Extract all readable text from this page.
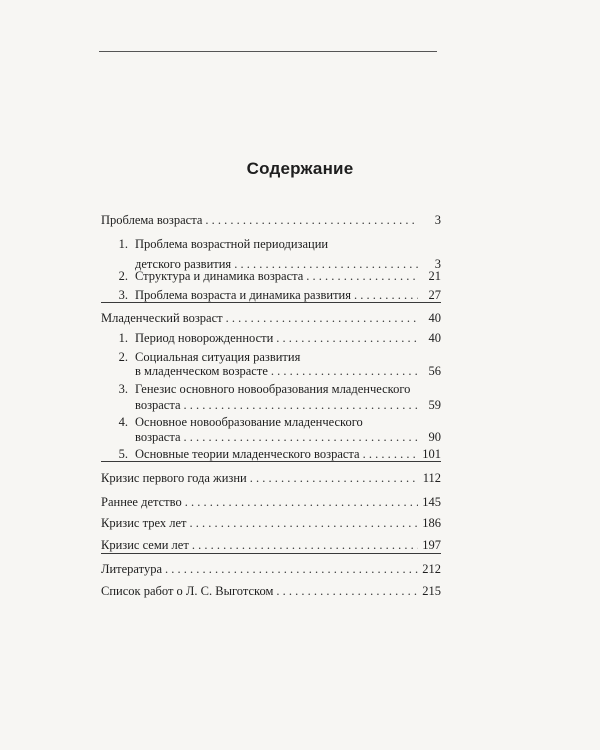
Содержание
Проблема возраста . . .	3
1. Проблема возрастной периодизации
детского развития . . .	3
2. Структура и динамика возраста . . .	21
3. Проблема возраста и динамика развития . . .	27
Младенческий возраст . . .	40
1. Период новорожденности . . .	40
2. Социальная ситуация развития
в младенческом возрасте . . .	56
3. Генезис основного новообразования младенческого
возраста . . .	59
4. Основное новообразование младенческого
возраста . . .	90
5. Основные теории младенческого возраста . . .	101
Кризис первого года жизни . . .	112
Раннее детство . . .	145
Кризис трех лет . . .	186
Кризис семи лет . . .	197
Литература . . .	212
Список работ о Л. С. Выготском . . .	215
